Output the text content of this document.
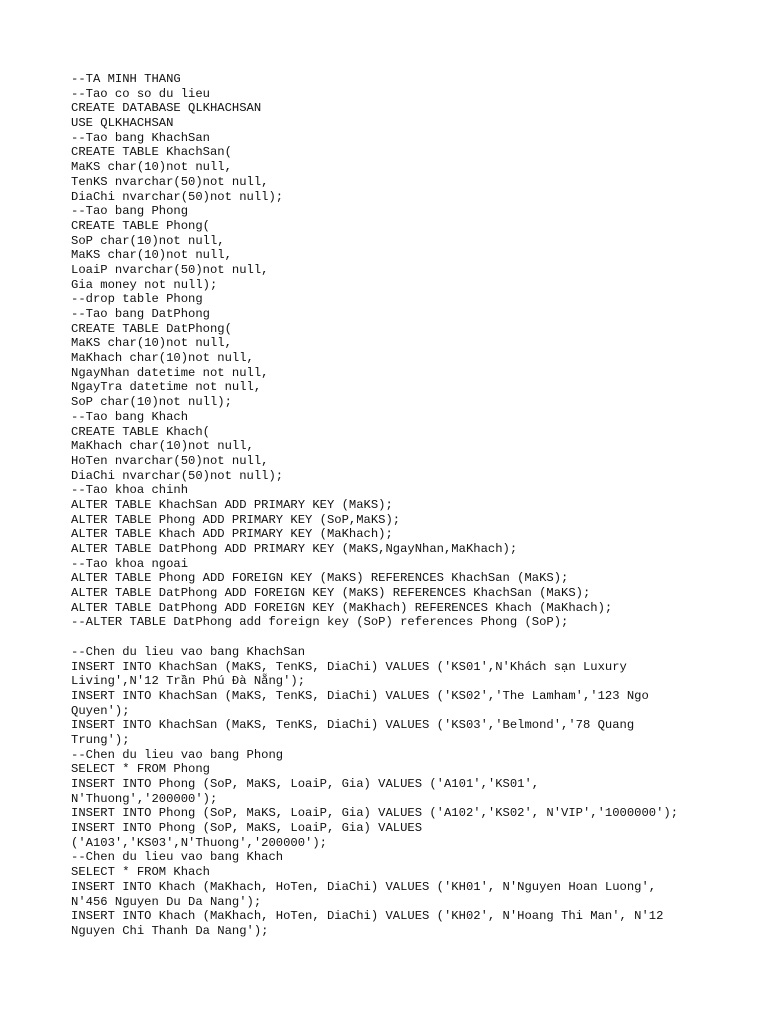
--TA MINH THANG
--Tao co so du lieu
CREATE DATABASE QLKHACHSAN
USE QLKHACHSAN
--Tao bang KhachSan
CREATE TABLE KhachSan(
MaKS char(10)not null,
TenKS nvarchar(50)not null,
DiaChi nvarchar(50)not null);
--Tao bang Phong
CREATE TABLE Phong(
SoP char(10)not null,
MaKS char(10)not null,
LoaiP nvarchar(50)not null,
Gia money not null);
--drop table Phong
--Tao bang DatPhong
CREATE TABLE DatPhong(
MaKS char(10)not null,
MaKhach char(10)not null,
NgayNhan datetime not null,
NgayTra datetime not null,
SoP char(10)not null);
--Tao bang Khach
CREATE TABLE Khach(
MaKhach char(10)not null,
HoTen nvarchar(50)not null,
DiaChi nvarchar(50)not null);
--Tao khoa chinh
ALTER TABLE KhachSan ADD PRIMARY KEY (MaKS);
ALTER TABLE Phong ADD PRIMARY KEY (SoP,MaKS);
ALTER TABLE Khach ADD PRIMARY KEY (MaKhach);
ALTER TABLE DatPhong ADD PRIMARY KEY (MaKS,NgayNhan,MaKhach);
--Tao khoa ngoai
ALTER TABLE Phong ADD FOREIGN KEY (MaKS) REFERENCES KhachSan (MaKS);
ALTER TABLE DatPhong ADD FOREIGN KEY (MaKS) REFERENCES KhachSan (MaKS);
ALTER TABLE DatPhong ADD FOREIGN KEY (MaKhach) REFERENCES Khach (MaKhach);
--ALTER TABLE DatPhong add foreign key (SoP) references Phong (SoP);
--Chen du lieu vao bang KhachSan
INSERT INTO KhachSan (MaKS, TenKS, DiaChi) VALUES ('KS01',N'Khách sạn Luxury
Living',N'12 Trần Phú Đà Nẵng');
INSERT INTO KhachSan (MaKS, TenKS, DiaChi) VALUES ('KS02','The Lamham','123 Ngo
Quyen');
INSERT INTO KhachSan (MaKS, TenKS, DiaChi) VALUES ('KS03','Belmond','78 Quang
Trung');
--Chen du lieu vao bang Phong
SELECT * FROM Phong
INSERT INTO Phong (SoP, MaKS, LoaiP, Gia) VALUES ('A101','KS01',
N'Thuong','200000');
INSERT INTO Phong (SoP, MaKS, LoaiP, Gia) VALUES ('A102','KS02', N'VIP','1000000');
INSERT INTO Phong (SoP, MaKS, LoaiP, Gia) VALUES
('A103','KS03',N'Thuong','200000');
--Chen du lieu vao bang Khach
SELECT * FROM Khach
INSERT INTO Khach (MaKhach, HoTen, DiaChi) VALUES ('KH01', N'Nguyen Hoan Luong',
N'456 Nguyen Du Da Nang');
INSERT INTO Khach (MaKhach, HoTen, DiaChi) VALUES ('KH02', N'Hoang Thi Man', N'12
Nguyen Chi Thanh Da Nang');
